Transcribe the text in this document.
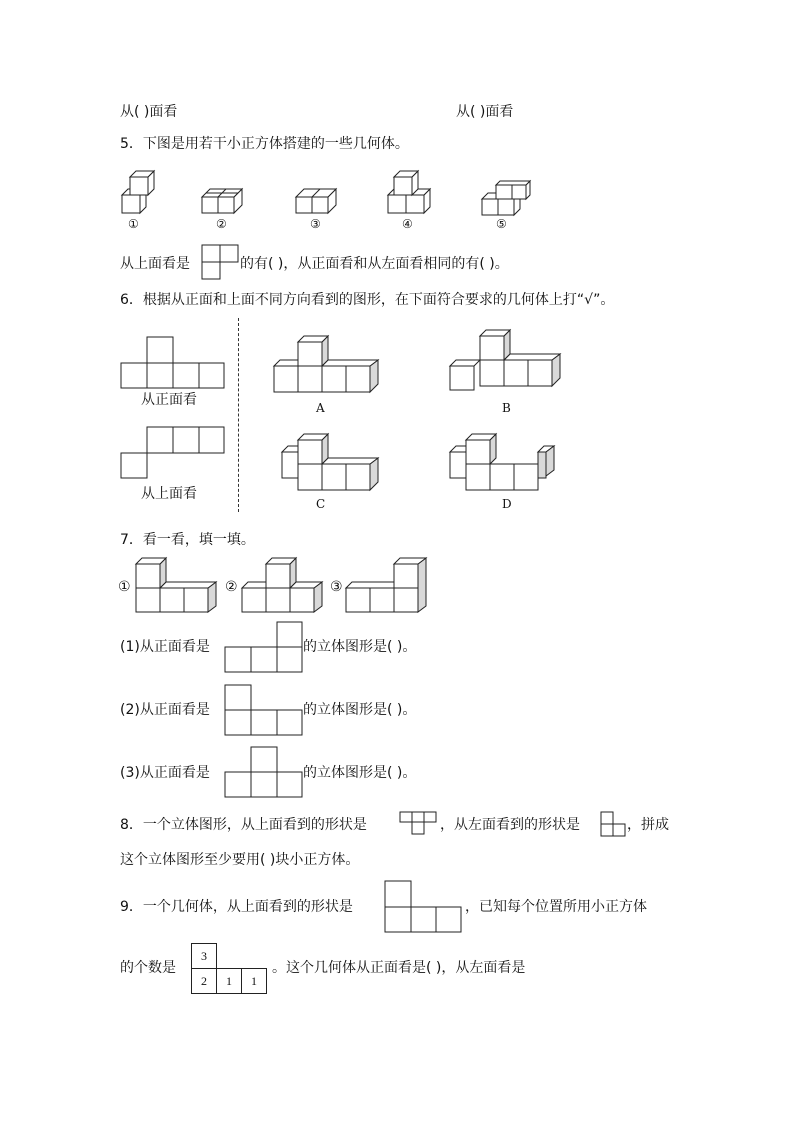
从( )面看	从( )面看
5．下图是用若干小正方体搭建的一些几何体。
①	②	③	④	⑤
从上面看是	的有( )，从正面看和从左面看相同的有( )。
6．根据从正面和上面不同方向看到的图形，在下面符合要求的几何体上打“√”。
从正面看
从上面看
A	B
C	D
7．看一看，填一填。
①	②	③
(1)从正面看是	的立体图形是( )。
(2)从正面看是	的立体图形是( )。
(3)从正面看是	的立体图形是( )。
8．一个立体图形，从上面看到的形状是	，从左面看到的形状是	，拼成
这个立体图形至少要用( )块小正方体。
9．一个几何体，从上面看到的形状是	，已知每个位置所用小正方体
的个数是
3		
2	1	1
。这个几何体从正面看是( )，从左面看是
